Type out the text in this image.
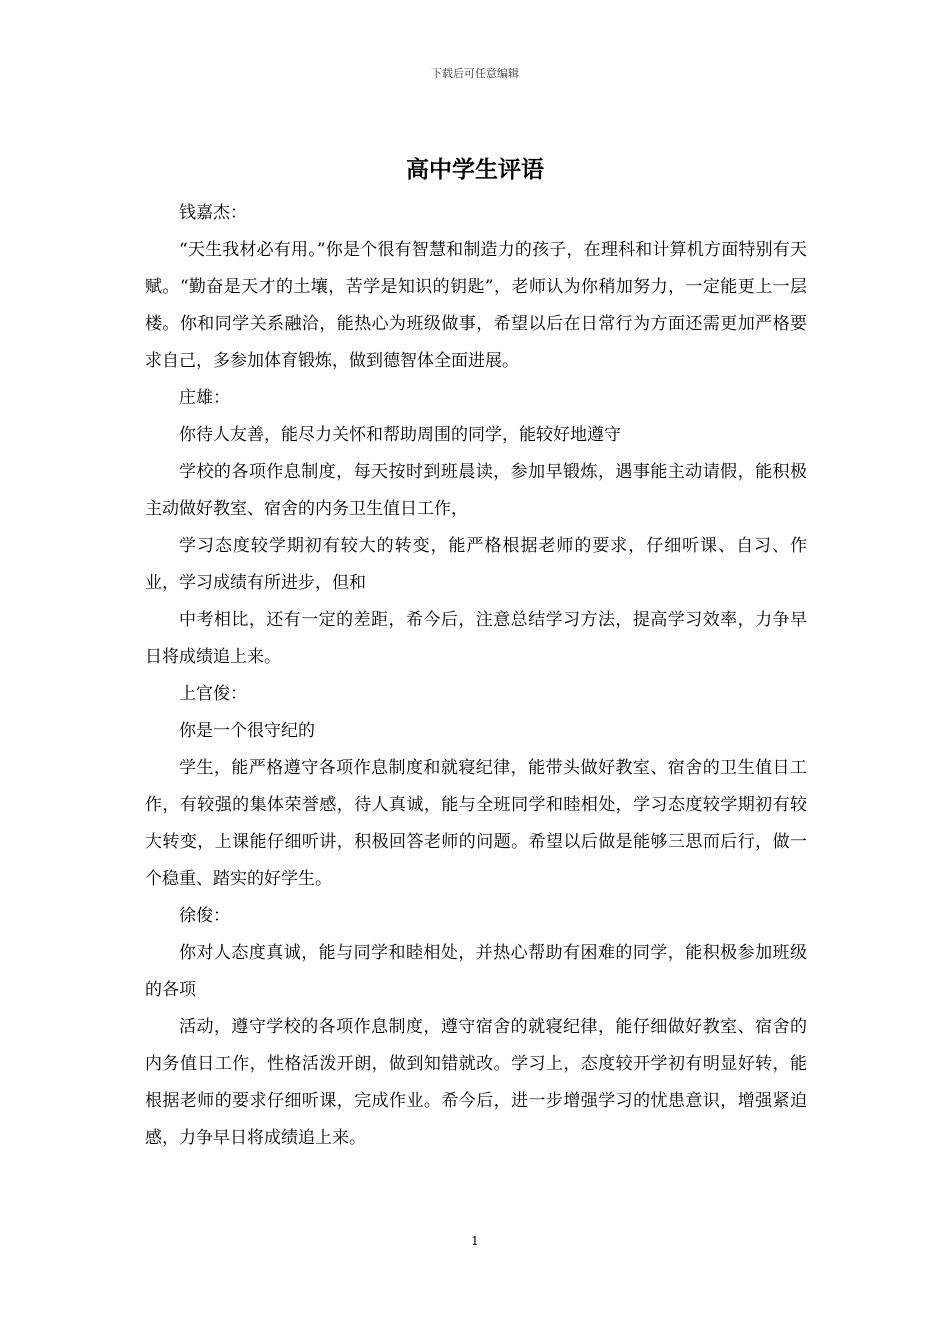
下载后可任意编辑
高中学生评语

钱嘉杰：

“天生我材必有用。”你是个很有智慧和制造力的孩子，在理科和计算机方面特别有天赋。“勤奋是天才的土壤，苦学是知识的钥匙”，老师认为你稍加努力，一定能更上一层楼。你和同学关系融洽，能热心为班级做事，希望以后在日常行为方面还需更加严格要求自己，多参加体育锻炼，做到德智体全面进展。

庄雄：

你待人友善，能尽力关怀和帮助周围的同学，能较好地遵守

学校的各项作息制度，每天按时到班晨读，参加早锻炼，遇事能主动请假，能积极主动做好教室、宿舍的内务卫生值日工作，

学习态度较学期初有较大的转变，能严格根据老师的要求，仔细听课、自习、作业，学习成绩有所进步，但和

中考相比，还有一定的差距，希今后，注意总结学习方法，提高学习效率，力争早日将成绩追上来。

上官俊：

你是一个很守纪的

学生，能严格遵守各项作息制度和就寝纪律，能带头做好教室、宿舍的卫生值日工作，有较强的集体荣誉感，待人真诚，能与全班同学和睦相处，学习态度较学期初有较大转变，上课能仔细听讲，积极回答老师的问题。希望以后做是能够三思而后行，做一个稳重、踏实的好学生。

徐俊：

你对人态度真诚，能与同学和睦相处，并热心帮助有困难的同学，能积极参加班级的各项

活动，遵守学校的各项作息制度，遵守宿舍的就寝纪律，能仔细做好教室、宿舍的内务值日工作，性格活泼开朗，做到知错就改。学习上，态度较开学初有明显好转，能根据老师的要求仔细听课，完成作业。希今后，进一步增强学习的忧患意识，增强紧迫感，力争早日将成绩追上来。

1
